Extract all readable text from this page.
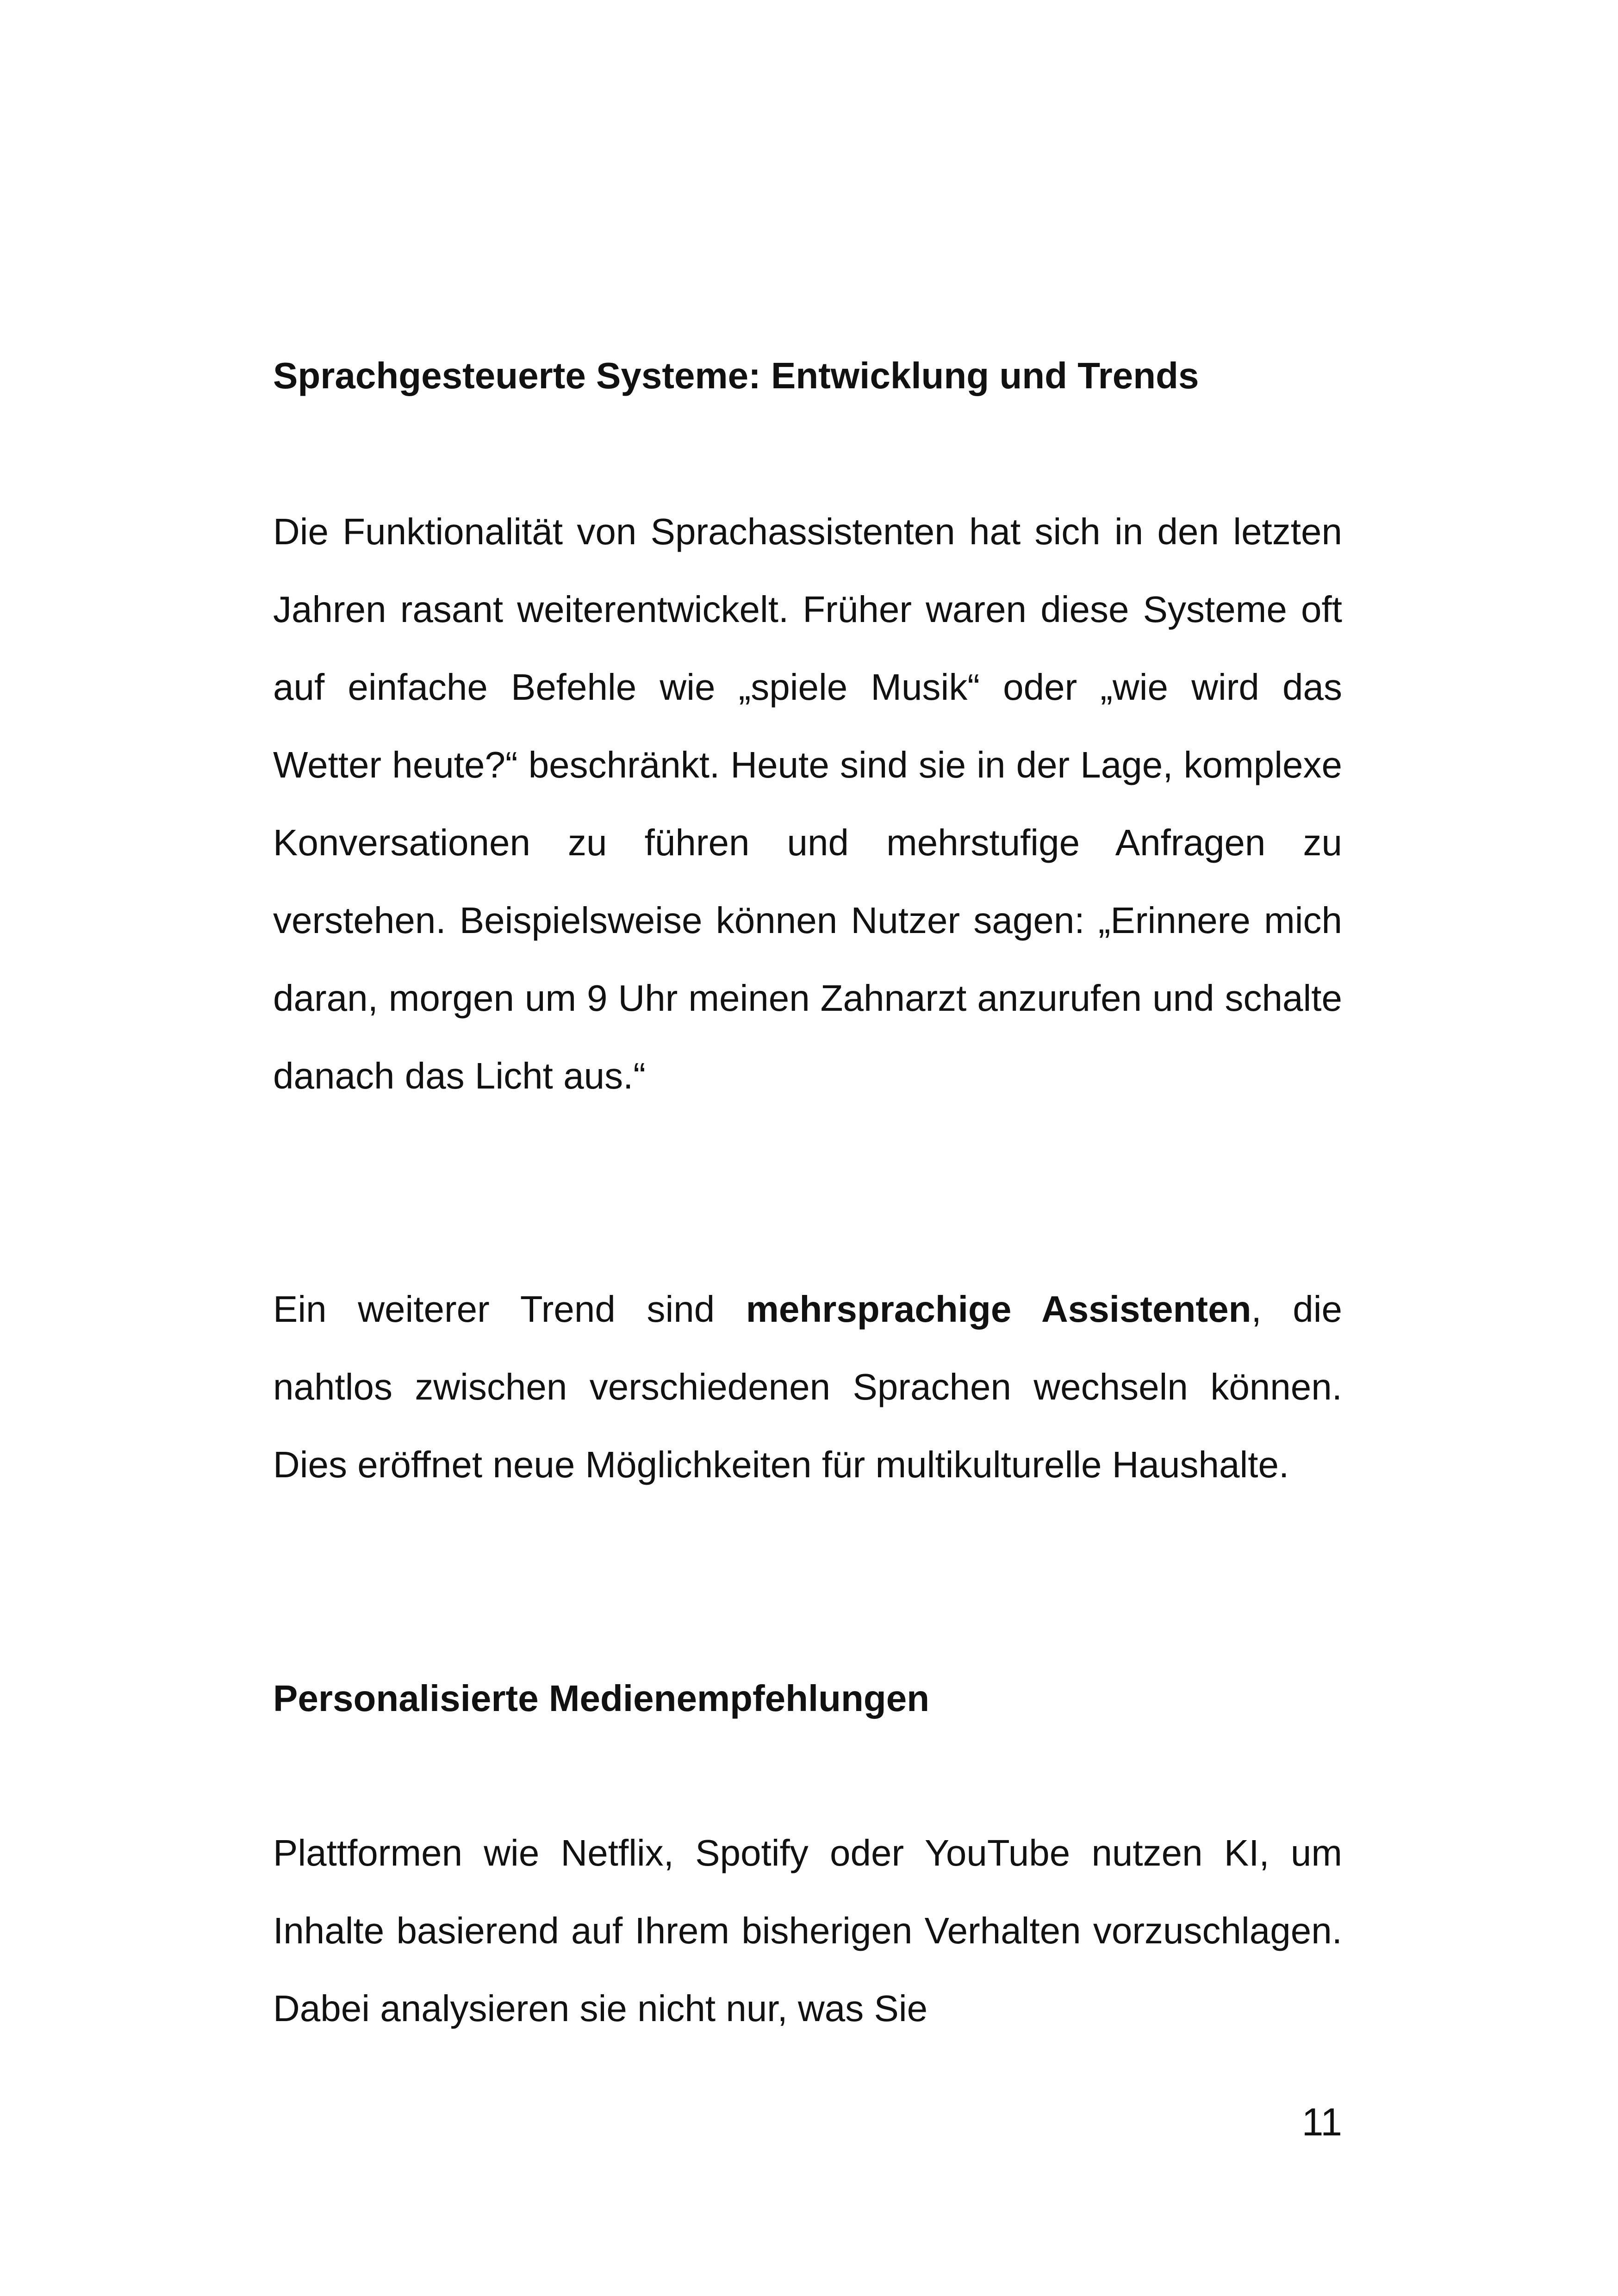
Sprachgesteuerte Systeme: Entwicklung und Trends

Die Funktionalität von Sprachassistenten hat sich in den letzten Jahren rasant weiterentwickelt. Früher waren diese Systeme oft auf einfache Befehle wie „spiele Musik“ oder „wie wird das Wetter heute?“ beschränkt. Heute sind sie in der Lage, komplexe Konversationen zu führen und mehrstufige Anfragen zu verstehen. Beispielsweise können Nutzer sagen: „Erinnere mich daran, morgen um 9 Uhr meinen Zahnarzt anzurufen und schalte danach das Licht aus.“

Ein weiterer Trend sind mehrsprachige Assistenten, die nahtlos zwischen verschiedenen Sprachen wechseln können. Dies eröffnet neue Möglichkeiten für multikulturelle Haushalte.

Personalisierte Medienempfehlungen

Plattformen wie Netflix, Spotify oder YouTube nutzen KI, um Inhalte basierend auf Ihrem bisherigen Verhalten vorzuschlagen. Dabei analysieren sie nicht nur, was Sie

11
